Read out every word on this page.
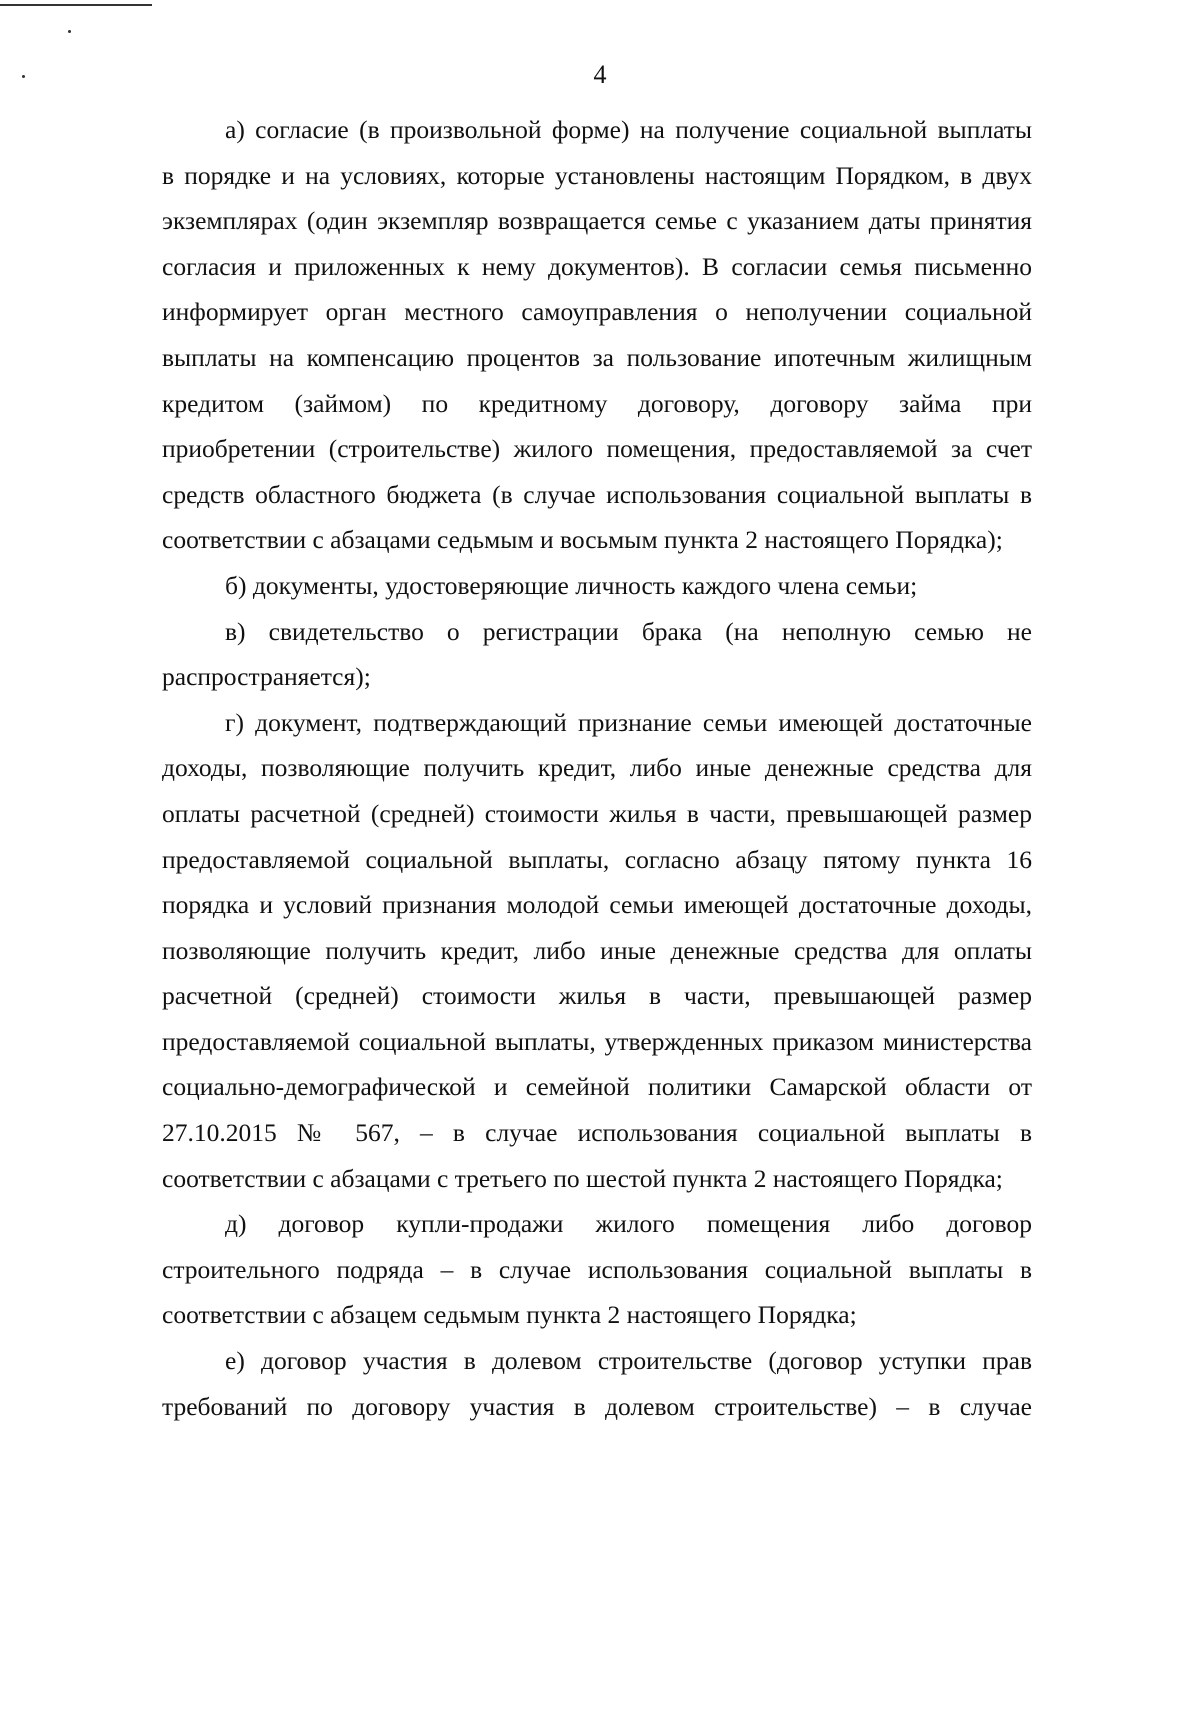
4
а) согласие (в произвольной форме) на получение социальной выплаты
в порядке и на условиях, которые установлены настоящим Порядком, в двух
экземплярах (один экземпляр возвращается семье с указанием даты принятия
согласия и приложенных к нему документов). В согласии семья письменно
информирует орган местного самоуправления о неполучении социальной
выплаты на компенсацию процентов за пользование ипотечным жилищным
кредитом (займом) по кредитному договору, договору займа при
приобретении (строительстве) жилого помещения, предоставляемой за счет
средств областного бюджета (в случае использования социальной выплаты в
соответствии с абзацами седьмым и восьмым пункта 2 настоящего Порядка);
б) документы, удостоверяющие личность каждого члена семьи;
в) свидетельство о регистрации брака (на неполную семью не
распространяется);
г) документ, подтверждающий признание семьи имеющей достаточные
доходы, позволяющие получить кредит, либо иные денежные средства для
оплаты расчетной (средней) стоимости жилья в части, превышающей размер
предоставляемой социальной выплаты, согласно абзацу пятому пункта 16
порядка и условий признания молодой семьи имеющей достаточные доходы,
позволяющие получить кредит, либо иные денежные средства для оплаты
расчетной (средней) стоимости жилья в части, превышающей размер
предоставляемой социальной выплаты, утвержденных приказом министерства
социально-демографической и семейной политики Самарской области от
27.10.2015 № 567, – в случае использования социальной выплаты в
соответствии с абзацами с третьего по шестой пункта 2 настоящего Порядка;
д) договор купли-продажи жилого помещения либо договор
строительного подряда – в случае использования социальной выплаты в
соответствии с абзацем седьмым пункта 2 настоящего Порядка;
е) договор участия в долевом строительстве (договор уступки прав
требований по договору участия в долевом строительстве) – в случае
